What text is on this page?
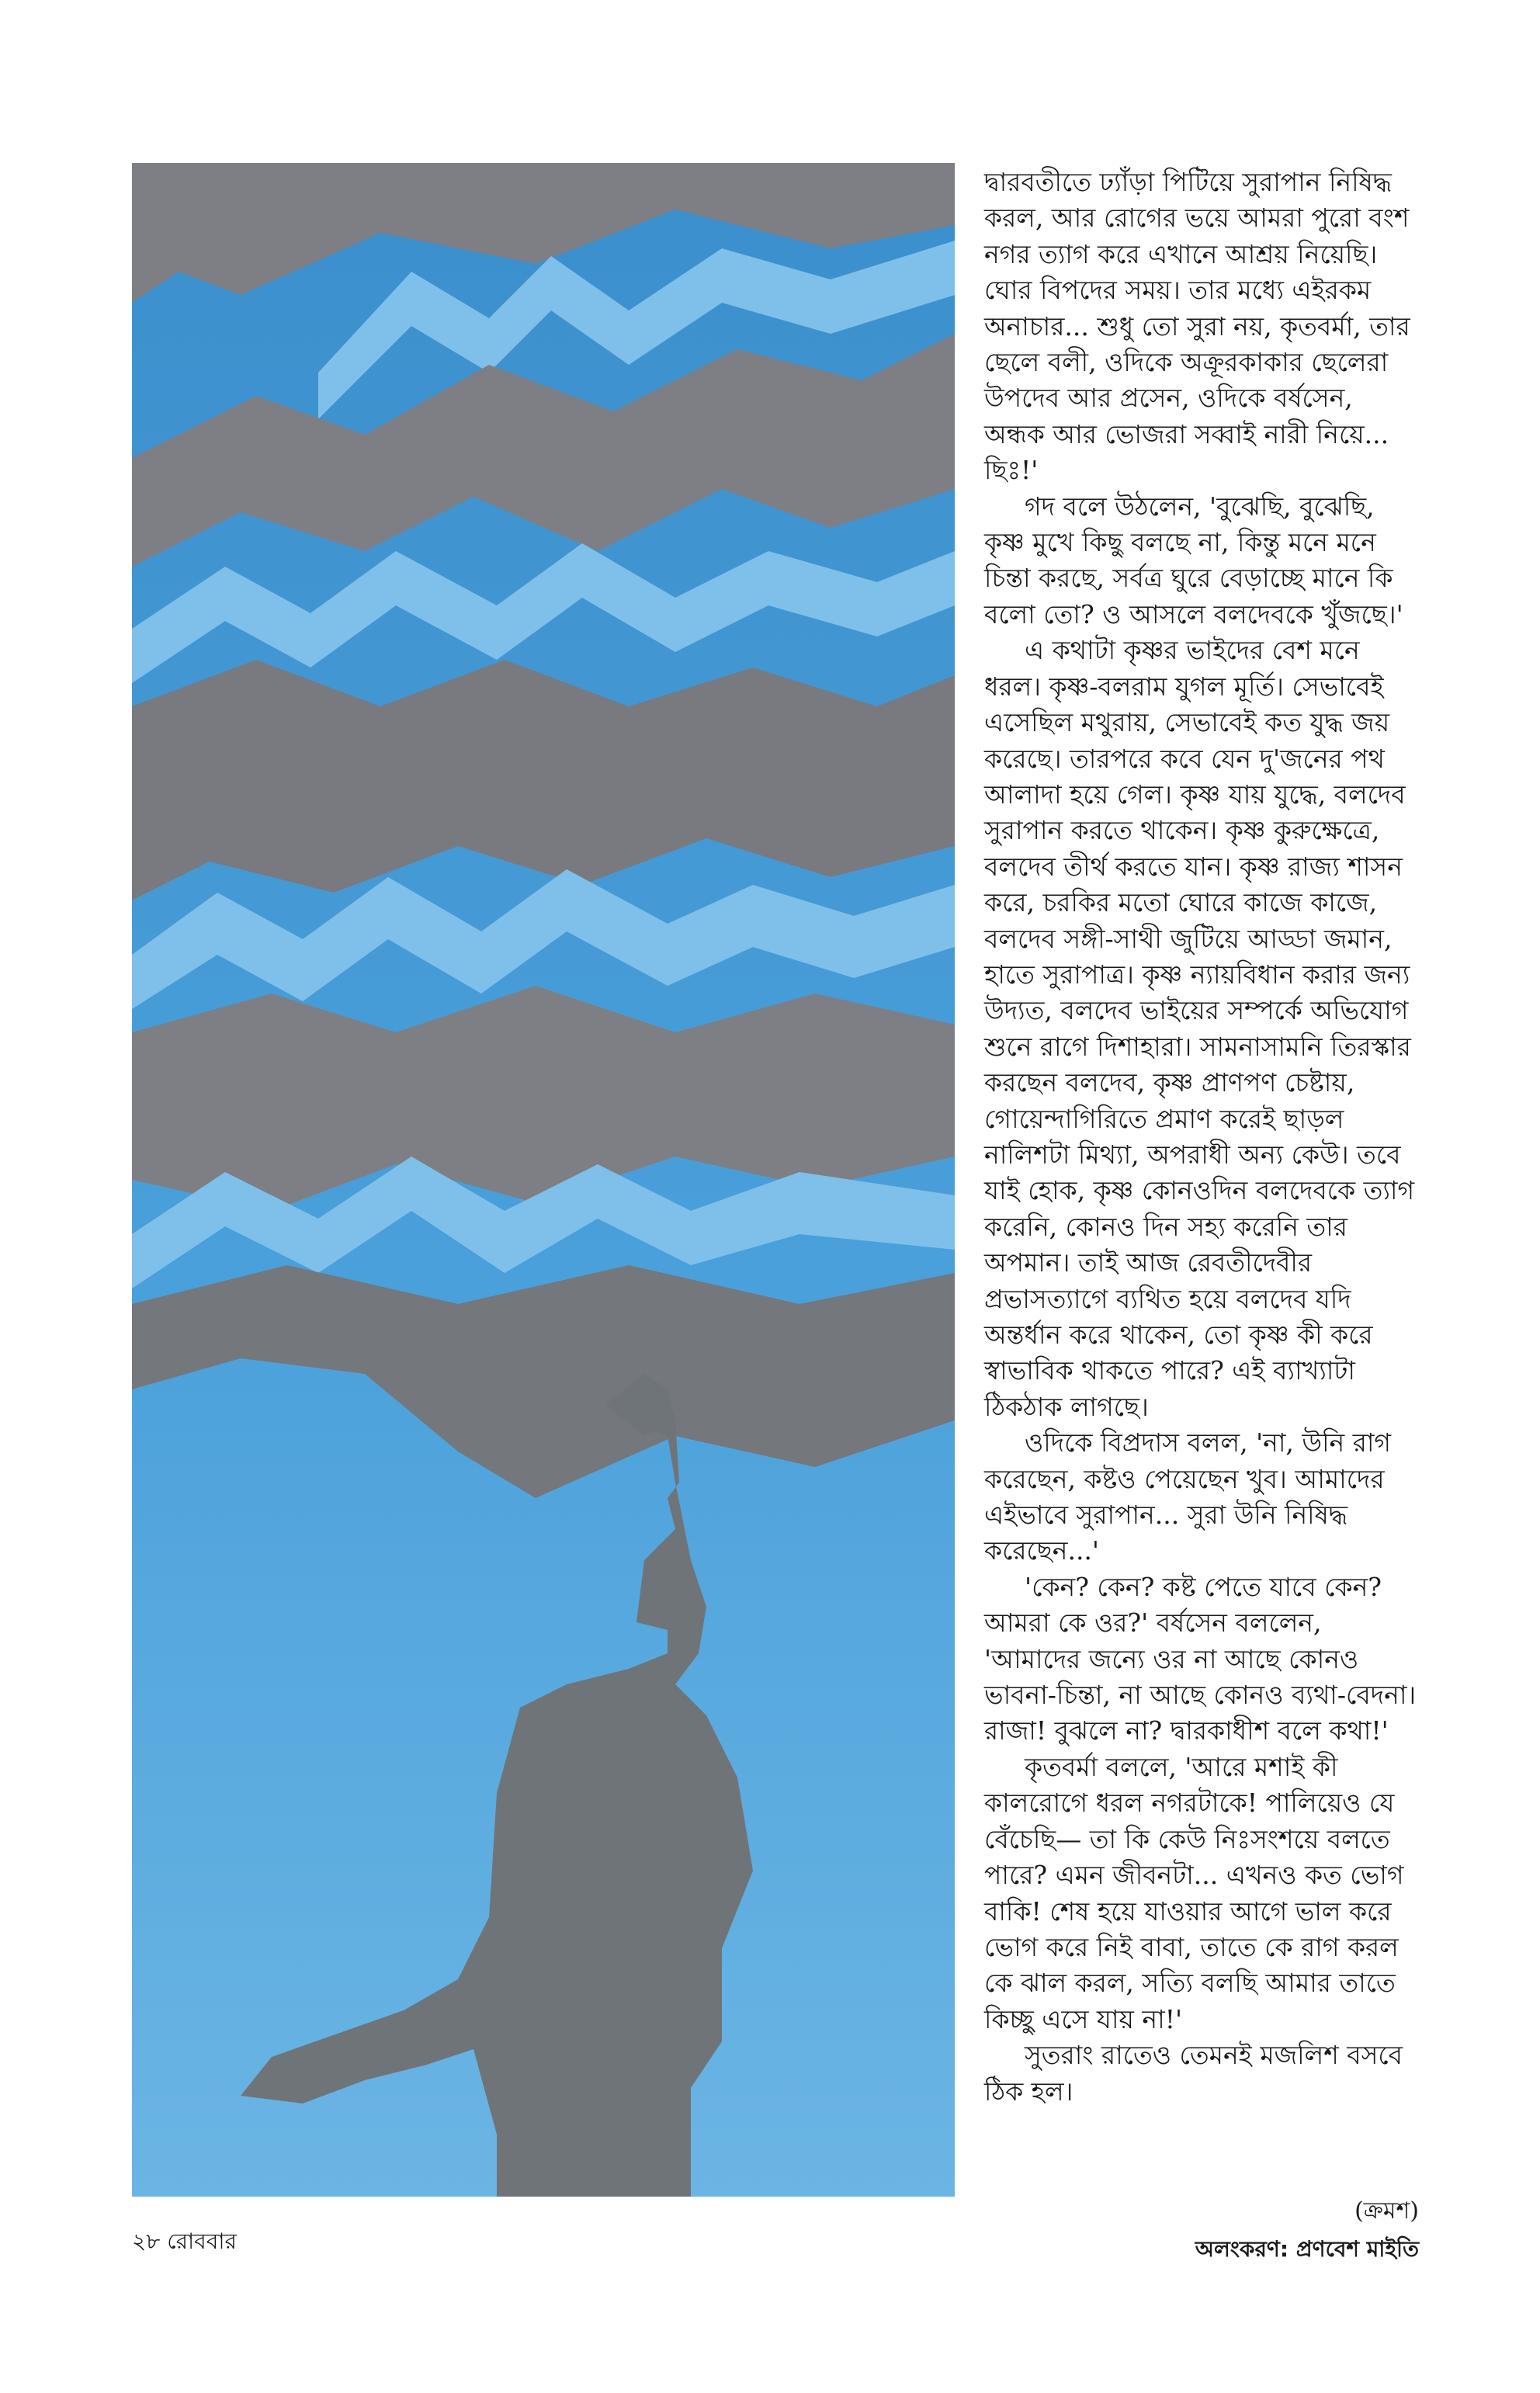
দ্বারবতীতে ঢ্যাঁড়া পিটিয়ে সুরাপান নিষিদ্ধ করল, আর রোগের ভয়ে আমরা পুরো বংশ নগর ত্যাগ করে এখানে আশ্রয় নিয়েছি। ঘোর বিপদের সময়। তার মধ্যে এইরকম অনাচার... শুধু তো সুরা নয়, কৃতবর্মা, তার ছেলে বলী, ওদিকে অক্রূরকাকার ছেলেরা উপদেব আর প্রসেন, ওদিকে বর্ষসেন, অন্ধক আর ভোজরা সব্বাই নারী নিয়ে... ছিঃ!'

গদ বলে উঠলেন, 'বুঝেছি, বুঝেছি, কৃষ্ণ মুখে কিছু বলছে না, কিন্তু মনে মনে চিন্তা করছে, সর্বত্র ঘুরে বেড়াচ্ছে মানে কি বলো তো? ও আসলে বলদেবকে খুঁজছে।'

এ কথাটা কৃষ্ণর ভাইদের বেশ মনে ধরল। কৃষ্ণ-বলরাম যুগল মূর্তি। সেভাবেই এসেছিল মথুরায়, সেভাবেই কত যুদ্ধ জয় করেছে। তারপরে কবে যেন দু'জনের পথ আলাদা হয়ে গেল। কৃষ্ণ যায় যুদ্ধে, বলদেব সুরাপান করতে থাকেন। কৃষ্ণ কুরুক্ষেত্রে, বলদেব তীর্থ করতে যান। কৃষ্ণ রাজ্য শাসন করে, চরকির মতো ঘোরে কাজে কাজে, বলদেব সঙ্গী-সাথী জুটিয়ে আড্ডা জমান, হাতে সুরাপাত্র। কৃষ্ণ ন্যায়বিধান করার জন্য উদ্যত, বলদেব ভাইয়ের সম্পর্কে অভিযোগ শুনে রাগে দিশাহারা। সামনাসামনি তিরস্কার করছেন বলদেব, কৃষ্ণ প্রাণপণ চেষ্টায়, গোয়েন্দাগিরিতে প্রমাণ করেই ছাড়ল নালিশটা মিথ্যা, অপরাধী অন্য কেউ। তবে যাই হোক, কৃষ্ণ কোনওদিন বলদেবকে ত্যাগ করেনি, কোনও দিন সহ্য করেনি তার অপমান। তাই আজ রেবতীদেবীর প্রভাসত্যাগে ব্যথিত হয়ে বলদেব যদি অন্তর্ধান করে থাকেন, তো কৃষ্ণ কী করে স্বাভাবিক থাকতে পারে? এই ব্যাখ্যাটা ঠিকঠাক লাগছে।

ওদিকে বিপ্রদাস বলল, 'না, উনি রাগ করেছেন, কষ্টও পেয়েছেন খুব। আমাদের এইভাবে সুরাপান... সুরা উনি নিষিদ্ধ করেছেন...'

'কেন? কেন? কষ্ট পেতে যাবে কেন? আমরা কে ওর?' বর্ষসেন বললেন, 'আমাদের জন্যে ওর না আছে কোনও ভাবনা-চিন্তা, না আছে কোনও ব্যথা-বেদনা। রাজা! বুঝলে না? দ্বারকাধীশ বলে কথা!'

কৃতবর্মা বললে, 'আরে মশাই কী কালরোগে ধরল নগরটাকে! পালিয়েও যে বেঁচেছি— তা কি কেউ নিঃসংশয়ে বলতে পারে? এমন জীবনটা... এখনও কত ভোগ বাকি! শেষ হয়ে যাওয়ার আগে ভাল করে ভোগ করে নিই বাবা, তাতে কে রাগ করল কে ঝাল করল, সত্যি বলছি আমার তাতে কিচ্ছু এসে যায় না!'

সুতরাং রাতেও তেমনই মজলিশ বসবে ঠিক হল।

(ক্রমশ)

অলংকরণ: প্রণবেশ মাইতি

২৮ রোববার
